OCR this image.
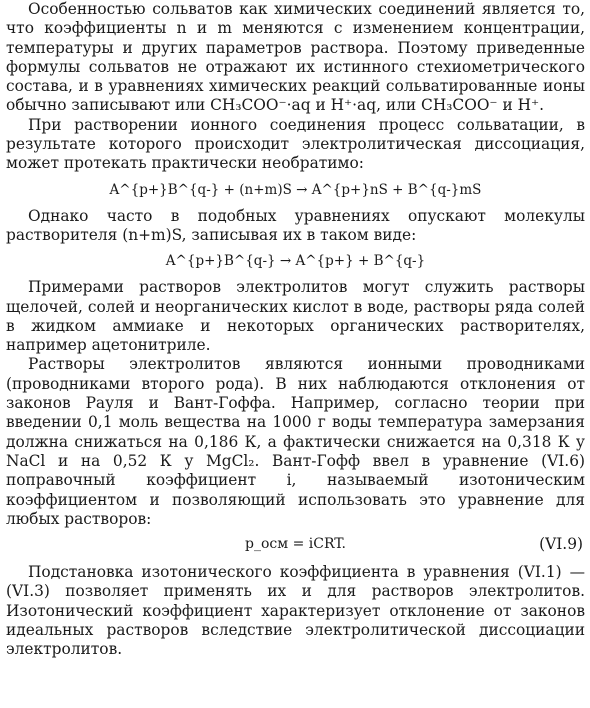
Особенностью сольватов как химических соединений является то, что коэффициенты n и m меняются с изменением концентрации, температуры и других параметров раствора. Поэтому приведенные формулы сольватов не отражают их истинного стехиометрического состава, и в уравнениях химических реакций сольватированные ионы обычно записывают или CH₃COO⁻·aq и H⁺·aq, или CH₃COO⁻ и H⁺.

При растворении ионного соединения процесс сольватации, в результате которого происходит электролитическая диссоциация, может протекать практически необратимо:

A^{p+}B^{q-} + (n+m)S → A^{p+}nS + B^{q-}mS

Однако часто в подобных уравнениях опускают молекулы растворителя (n+m)S, записывая их в таком виде:

A^{p+}B^{q-} → A^{p+} + B^{q-}

Примерами растворов электролитов могут служить растворы щелочей, солей и неорганических кислот в воде, растворы ряда солей в жидком аммиаке и некоторых органических растворителях, например ацетонитриле.

Растворы электролитов являются ионными проводниками (проводниками второго рода). В них наблюдаются отклонения от законов Рауля и Вант-Гоффа. Например, согласно теории при введении 0,1 моль вещества на 1000 г воды температура замерзания должна снижаться на 0,186 К, а фактически снижается на 0,318 К у NaCl и на 0,52 К у MgCl₂. Вант-Гофф ввел в уравнение (VI.6) поправочный коэффициент i, называемый изотоническим коэффициентом и позволяющий использовать это уравнение для любых растворов:

p_осм = iCRT.	(VI.9)

Подстановка изотонического коэффициента в уравнения (VI.1) — (VI.3) позволяет применять их и для растворов электролитов. Изотонический коэффициент характеризует отклонение от законов идеальных растворов вследствие электролитической диссоциации электролитов.
